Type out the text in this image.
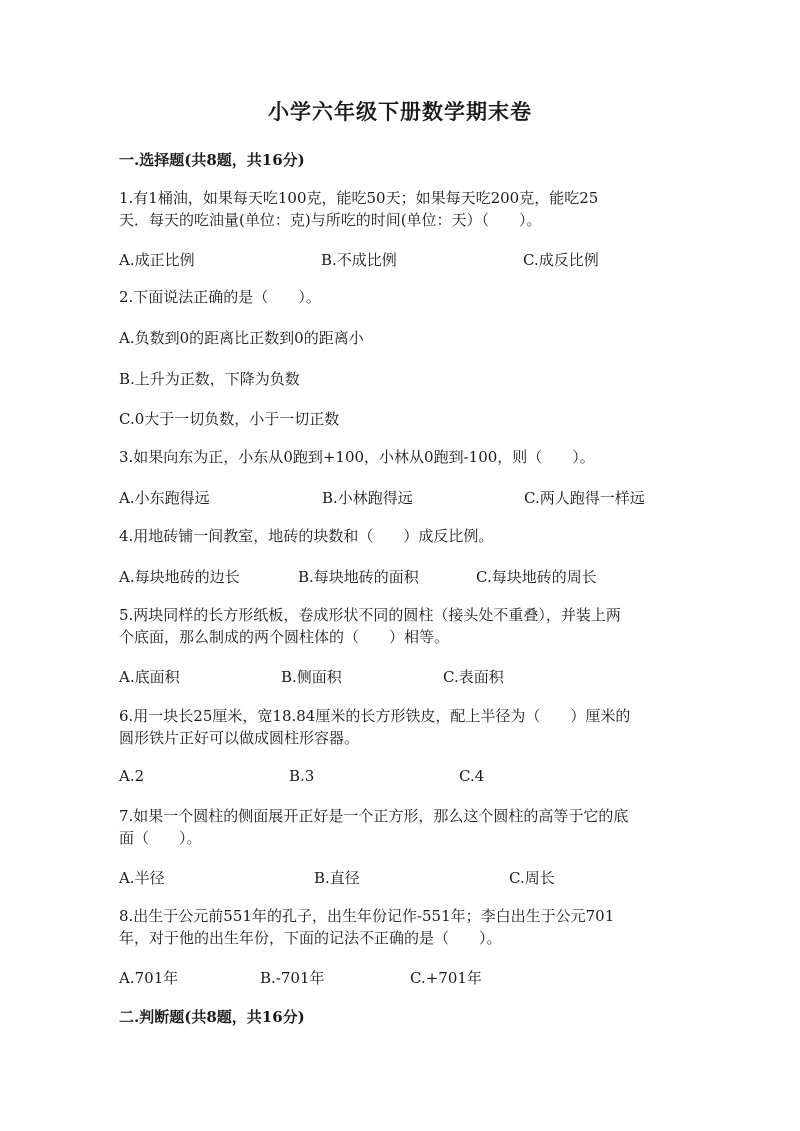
小学六年级下册数学期末卷
一.选择题(共8题，共16分)
1.有1桶油，如果每天吃100克，能吃50天；如果每天吃200克，能吃25
天．每天的吃油量(单位：克)与所吃的时间(单位：天）（　　）。
A.成正比例	B.不成比例	C.成反比例
2.下面说法正确的是（　　）。
A.负数到0的距离比正数到0的距离小
B.上升为正数，下降为负数
C.0大于一切负数，小于一切正数
3.如果向东为正，小东从0跑到+100，小林从0跑到-100，则（　　）。
A.小东跑得远	B.小林跑得远	C.两人跑得一样远
4.用地砖铺一间教室，地砖的块数和（　　）成反比例。
A.每块地砖的边长	B.每块地砖的面积	C.每块地砖的周长
5.两块同样的长方形纸板，卷成形状不同的圆柱（接头处不重叠），并装上两
个底面，那么制成的两个圆柱体的（　　）相等。
A.底面积	B.侧面积	C.表面积
6.用一块长25厘米，宽18.84厘米的长方形铁皮，配上半径为（　　）厘米的
圆形铁片正好可以做成圆柱形容器。
A.2	B.3	C.4
7.如果一个圆柱的侧面展开正好是一个正方形，那么这个圆柱的高等于它的底
面（　　）。
A.半径	B.直径	C.周长
8.出生于公元前551年的孔子，出生年份记作-551年；李白出生于公元701
年，对于他的出生年份，下面的记法不正确的是（　　）。
A.701年	B.-701年	C.+701年
二.判断题(共8题，共16分)
